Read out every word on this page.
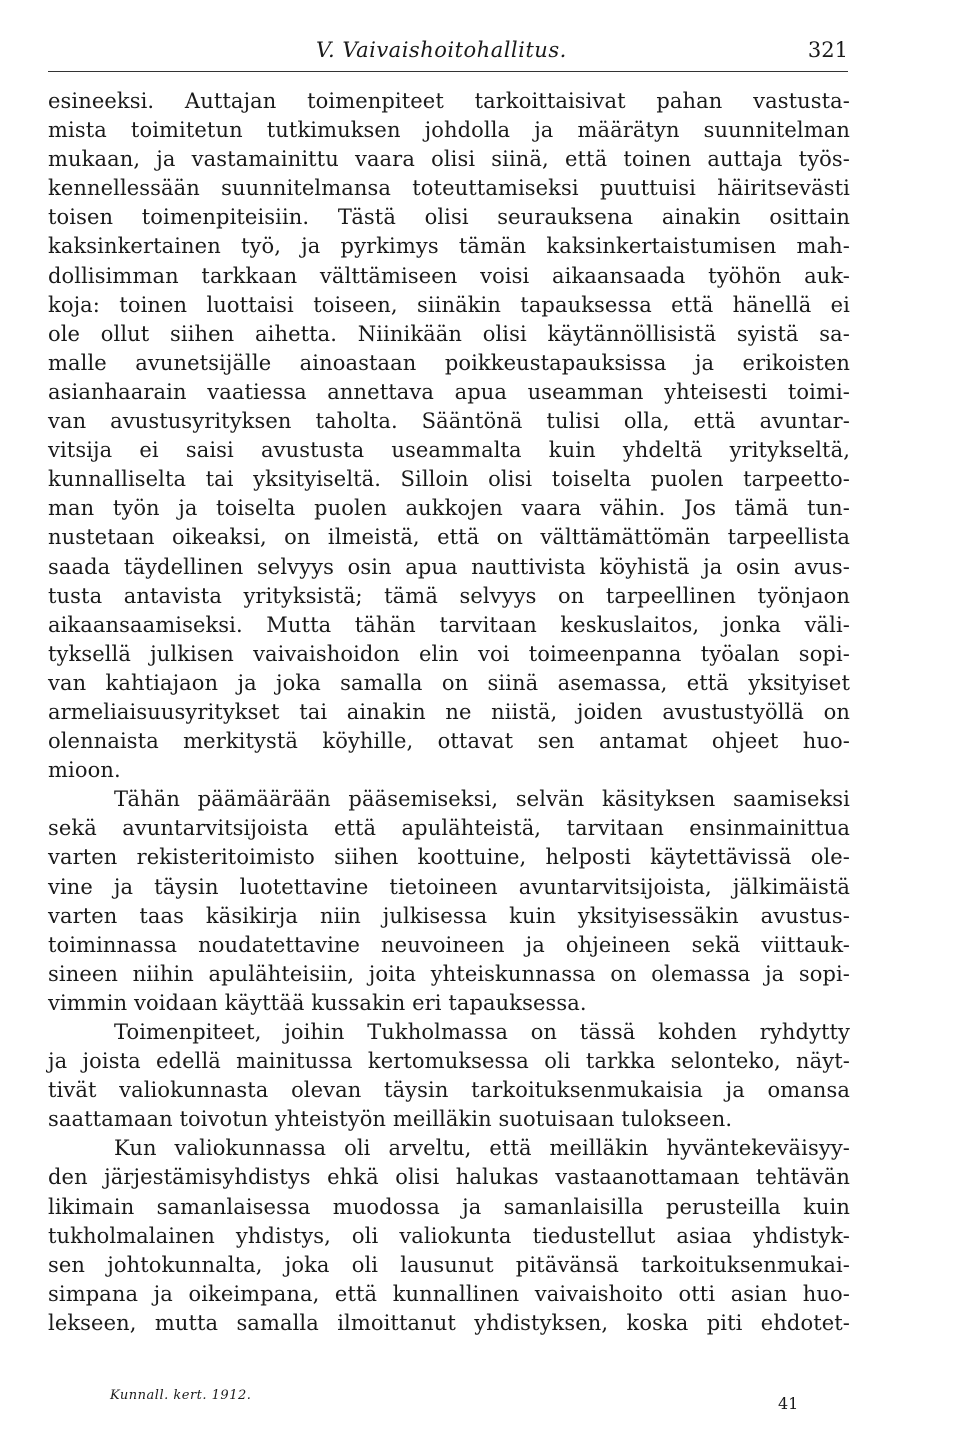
V. Vaivaishoitohallitus.	321
esineeksi. Auttajan toimenpiteet tarkoittaisivat pahan vastusta-
mista toimitetun tutkimuksen johdolla ja määrätyn suunnitelman
mukaan, ja vastamainittu vaara olisi siinä, että toinen auttaja työs-
kennellessään suunnitelmansa toteuttamiseksi puuttuisi häiritsevästi
toisen toimenpiteisiin. Tästä olisi seurauksena ainakin osittain
kaksinkertainen työ, ja pyrkimys tämän kaksinkertaistumisen mah-
dollisimman tarkkaan välttämiseen voisi aikaansaada työhön auk-
koja: toinen luottaisi toiseen, siinäkin tapauksessa että hänellä ei
ole ollut siihen aihetta. Niinikään olisi käytännöllisistä syistä sa-
malle avunetsijälle ainoastaan poikkeustapauksissa ja erikoisten
asianhaarain vaatiessa annettava apua useamman yhteisesti toimi-
van avustusyrityksen taholta. Sääntönä tulisi olla, että avuntar-
vitsija ei saisi avustusta useammalta kuin yhdeltä yritykseltä,
kunnalliselta tai yksityiseltä. Silloin olisi toiselta puolen tarpeetto-
man työn ja toiselta puolen aukkojen vaara vähin. Jos tämä tun-
nustetaan oikeaksi, on ilmeistä, että on välttämättömän tarpeellista
saada täydellinen selvyys osin apua nauttivista köyhistä ja osin avus-
tusta antavista yrityksistä; tämä selvyys on tarpeellinen työnjaon
aikaansaamiseksi. Mutta tähän tarvitaan keskuslaitos, jonka väli-
tyksellä julkisen vaivaishoidon elin voi toimeenpanna työalan sopi-
van kahtiajaon ja joka samalla on siinä asemassa, että yksityiset
armeliaisuusyritykset tai ainakin ne niistä, joiden avustustyöllä on
olennaista merkitystä köyhille, ottavat sen antamat ohjeet huo-
mioon.
Tähän päämäärään pääsemiseksi, selvän käsityksen saamiseksi
sekä avuntarvitsijoista että apulähteistä, tarvitaan ensinmainittua
varten rekisteritoimisto siihen koottuine, helposti käytettävissä ole-
vine ja täysin luotettavine tietoineen avuntarvitsijoista, jälkimäistä
varten taas käsikirja niin julkisessa kuin yksityisessäkin avustus-
toiminnassa noudatettavine neuvoineen ja ohjeineen sekä viittauk-
sineen niihin apulähteisiin, joita yhteiskunnassa on olemassa ja sopi-
vimmin voidaan käyttää kussakin eri tapauksessa.
Toimenpiteet, joihin Tukholmassa on tässä kohden ryhdytty
ja joista edellä mainitussa kertomuksessa oli tarkka selonteko, näyt-
tivät valiokunnasta olevan täysin tarkoituksenmukaisia ja omansa
saattamaan toivotun yhteistyön meilläkin suotuisaan tulokseen.
Kun valiokunnassa oli arveltu, että meilläkin hyväntekeväisyy-
den järjestämisyhdistys ehkä olisi halukas vastaanottamaan tehtävän
likimain samanlaisessa muodossa ja samanlaisilla perusteilla kuin
tukholmalainen yhdistys, oli valiokunta tiedustellut asiaa yhdistyk-
sen johtokunnalta, joka oli lausunut pitävänsä tarkoituksenmukai-
simpana ja oikeimpana, että kunnallinen vaivaishoito otti asian huo-
lekseen, mutta samalla ilmoittanut yhdistyksen, koska piti ehdotet-
Kunnall. kert. 1912.	41
